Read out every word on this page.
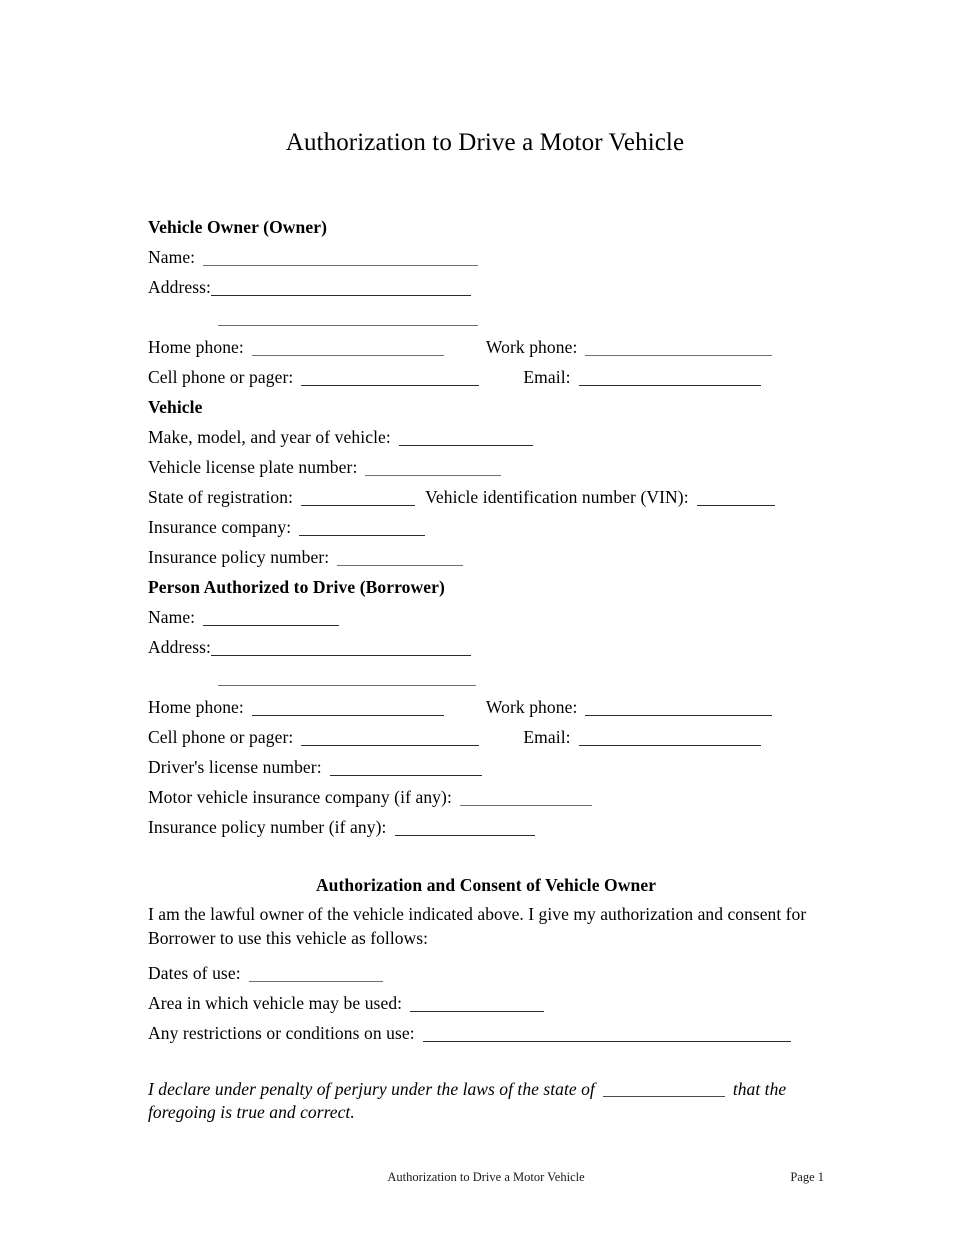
Authorization to Drive a Motor Vehicle
Vehicle Owner (Owner)
Name:
Address:
Home phone:	Work phone:
Cell phone or pager:	Email:
Vehicle
Make, model, and year of vehicle:
Vehicle license plate number:
State of registration:	Vehicle identification number (VIN):
Insurance company:
Insurance policy number:
Person Authorized to Drive (Borrower)
Name:
Address:
Home phone:	Work phone:
Cell phone or pager:	Email:
Driver's license number:
Motor vehicle insurance company (if any):
Insurance policy number (if any):
Authorization and Consent of Vehicle Owner

I am the lawful owner of the vehicle indicated above. I give my authorization and consent for Borrower to use this vehicle as follows:

Dates of use:
Area in which vehicle may be used:
Any restrictions or conditions on use:
I declare under penalty of perjury under the laws of the state of	that the foregoing is true and correct.
Authorization to Drive a Motor Vehicle	Page 1
